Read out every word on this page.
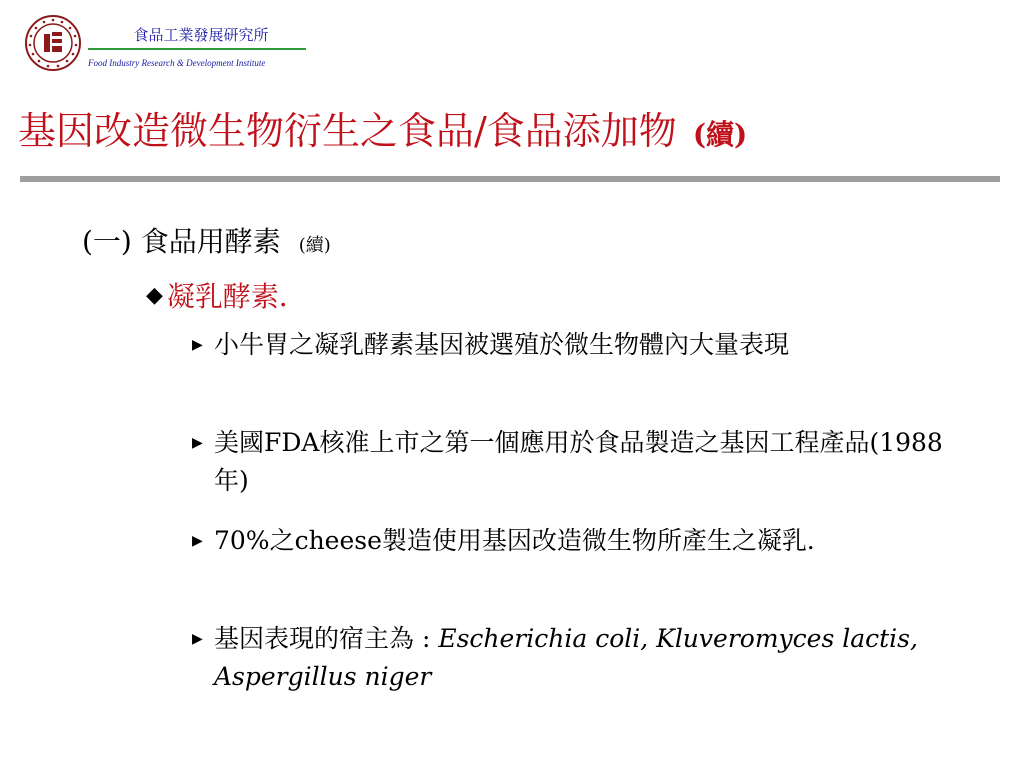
食品工業發展研究所
Food Industry Research & Development Institute
基因改造微生物衍生之食品/食品添加物 (續)
(一) 食品用酵素 (續)
◆ 凝乳酵素．
▶ 小牛胃之凝乳酵素基因被選殖於微生物體內大量表現
▶ 美國FDA核准上市之第一個應用於食品製造之基因工程產品(1988年)
▶ 70%之cheese製造使用基因改造微生物所產生之凝乳．
▶ 基因表現的宿主為 : Escherichia coli, Kluveromyces lactis, Aspergillus niger
